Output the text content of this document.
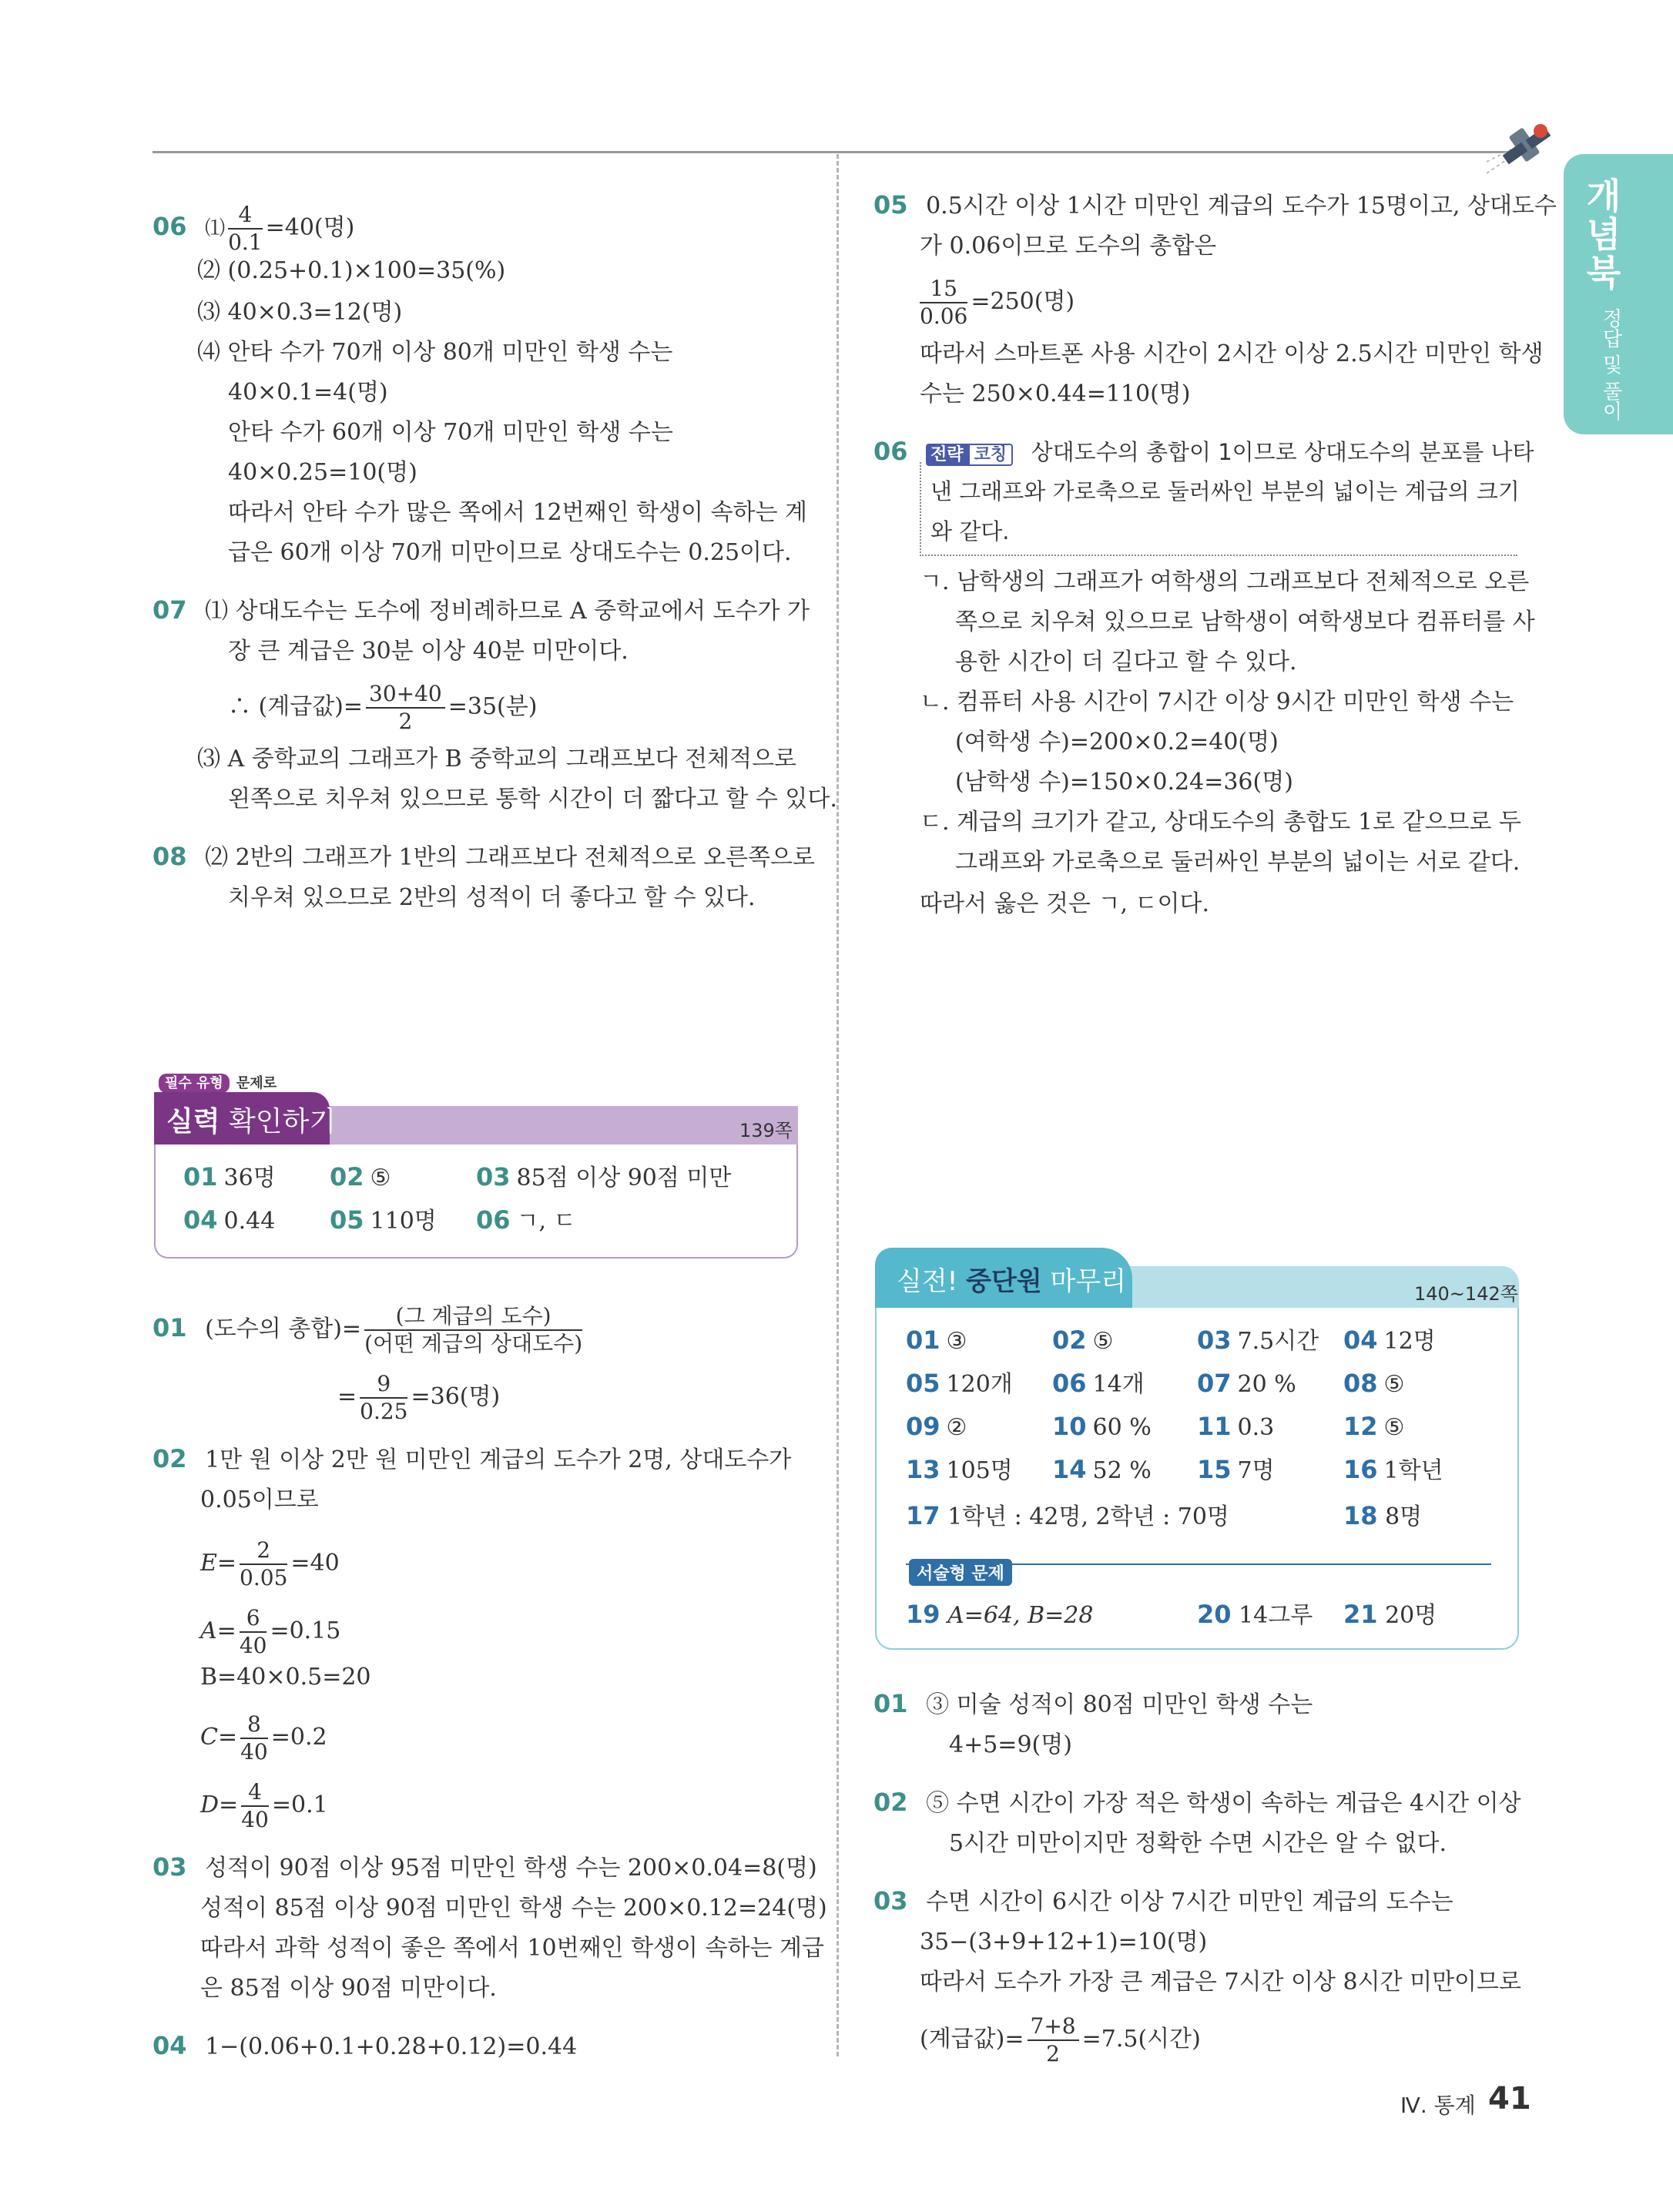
개념북
정답 및 풀이
06 ⑴ $\frac{4}{0.1} =40$(명)
⑵ (0.25+0.1)×100=35(%)
⑶ 40×0.3=12(명)
⑷ 안타 수가 70개 이상 80개 미만인 학생 수는
40×0.1=4(명)
안타 수가 60개 이상 70개 미만인 학생 수는
40×0.25=10(명)
따라서 안타 수가 많은 쪽에서 12번째인 학생이 속하는 계
급은 60개 이상 70개 미만이므로 상대도수는 0.25이다.
07 ⑴ 상대도수는 도수에 정비례하므로 A 중학교에서 도수가 가
장 큰 계급은 30분 이상 40분 미만이다.
∴ (계급값)= $\frac{30+40}{2} =35$(분)
⑶ A 중학교의 그래프가 B 중학교의 그래프보다 전체적으로
왼쪽으로 치우쳐 있으므로 통학 시간이 더 짧다고 할 수 있다.
08 ⑵ 2반의 그래프가 1반의 그래프보다 전체적으로 오른쪽으로
치우쳐 있으므로 2반의 성적이 더 좋다고 할 수 있다.
필수 유형 문제로
실력 확인하기	139쪽
01 36명 02 ⑤	03 85점 이상 90점 미만
04 0.44 05 110명 06 ㄱ, ㄷ
01 (도수의 총합)= $\frac{\text{(그 계급의 도수)}}{\text{(어떤 계급의 상대도수)}}$
= $\frac{9}{0.25} =36$(명)
02 1만 원 이상 2만 원 미만인 계급의 도수가 2명, 상대도수가
0.05이므로
$E= \frac{2}{0.05} =40$
$A= \frac{6}{40} =0.15$
B=40×0.5=20
$C= \frac{8}{40} =0.2$
$D= \frac{4}{40} =0.1$
03 성적이 90점 이상 95점 미만인 학생 수는 200×0.04=8(명)
성적이 85점 이상 90점 미만인 학생 수는 200×0.12=24(명)
따라서 과학 성적이 좋은 쪽에서 10번째인 학생이 속하는 계급
은 85점 이상 90점 미만이다.
04 1−(0.06+0.1+0.28+0.12)=0.44
05 0.5시간 이상 1시간 미만인 계급의 도수가 15명이고, 상대도수
가 0.06이므로 도수의 총합은
$\frac{15}{0.06} =250$(명)
따라서 스마트폰 사용 시간이 2시간 이상 2.5시간 미만인 학생
수는 250×0.44=110(명)
06 전략 코칭 상대도수의 총합이 1이므로 상대도수의 분포를 나타
낸 그래프와 가로축으로 둘러싸인 부분의 넓이는 계급의 크기
와 같다.
ㄱ. 남학생의 그래프가 여학생의 그래프보다 전체적으로 오른
쪽으로 치우쳐 있으므로 남학생이 여학생보다 컴퓨터를 사
용한 시간이 더 길다고 할 수 있다.
ㄴ. 컴퓨터 사용 시간이 7시간 이상 9시간 미만인 학생 수는
(여학생 수)=200×0.2=40(명)
(남학생 수)=150×0.24=36(명)
ㄷ. 계급의 크기가 같고, 상대도수의 총합도 1로 같으므로 두
그래프와 가로축으로 둘러싸인 부분의 넓이는 서로 같다.
따라서 옳은 것은 ㄱ, ㄷ이다.
실전! 중단원 마무리	140~142쪽
01 ③	02 ⑤	03 7.5시간 04 12명
05 120개 06 14개 07 20 % 08 ⑤
09 ②	10 60 % 11 0.3	12 ⑤
13 105명 14 52 % 15 7명	16 1학년
17 1학년 : 42명, 2학년 : 70명	18 8명
서술형 문제
19 A=64, B=28	20 14그루 21 20명
01 ③ 미술 성적이 80점 미만인 학생 수는
4+5=9(명)
02 ⑤ 수면 시간이 가장 적은 학생이 속하는 계급은 4시간 이상
5시간 미만이지만 정확한 수면 시간은 알 수 없다.
03 수면 시간이 6시간 이상 7시간 미만인 계급의 도수는
35−(3+9+12+1)=10(명)
따라서 도수가 가장 큰 계급은 7시간 이상 8시간 미만이므로
(계급값)= $\frac{7+8}{2} =7.5$(시간)
Ⅳ. 통계 41
